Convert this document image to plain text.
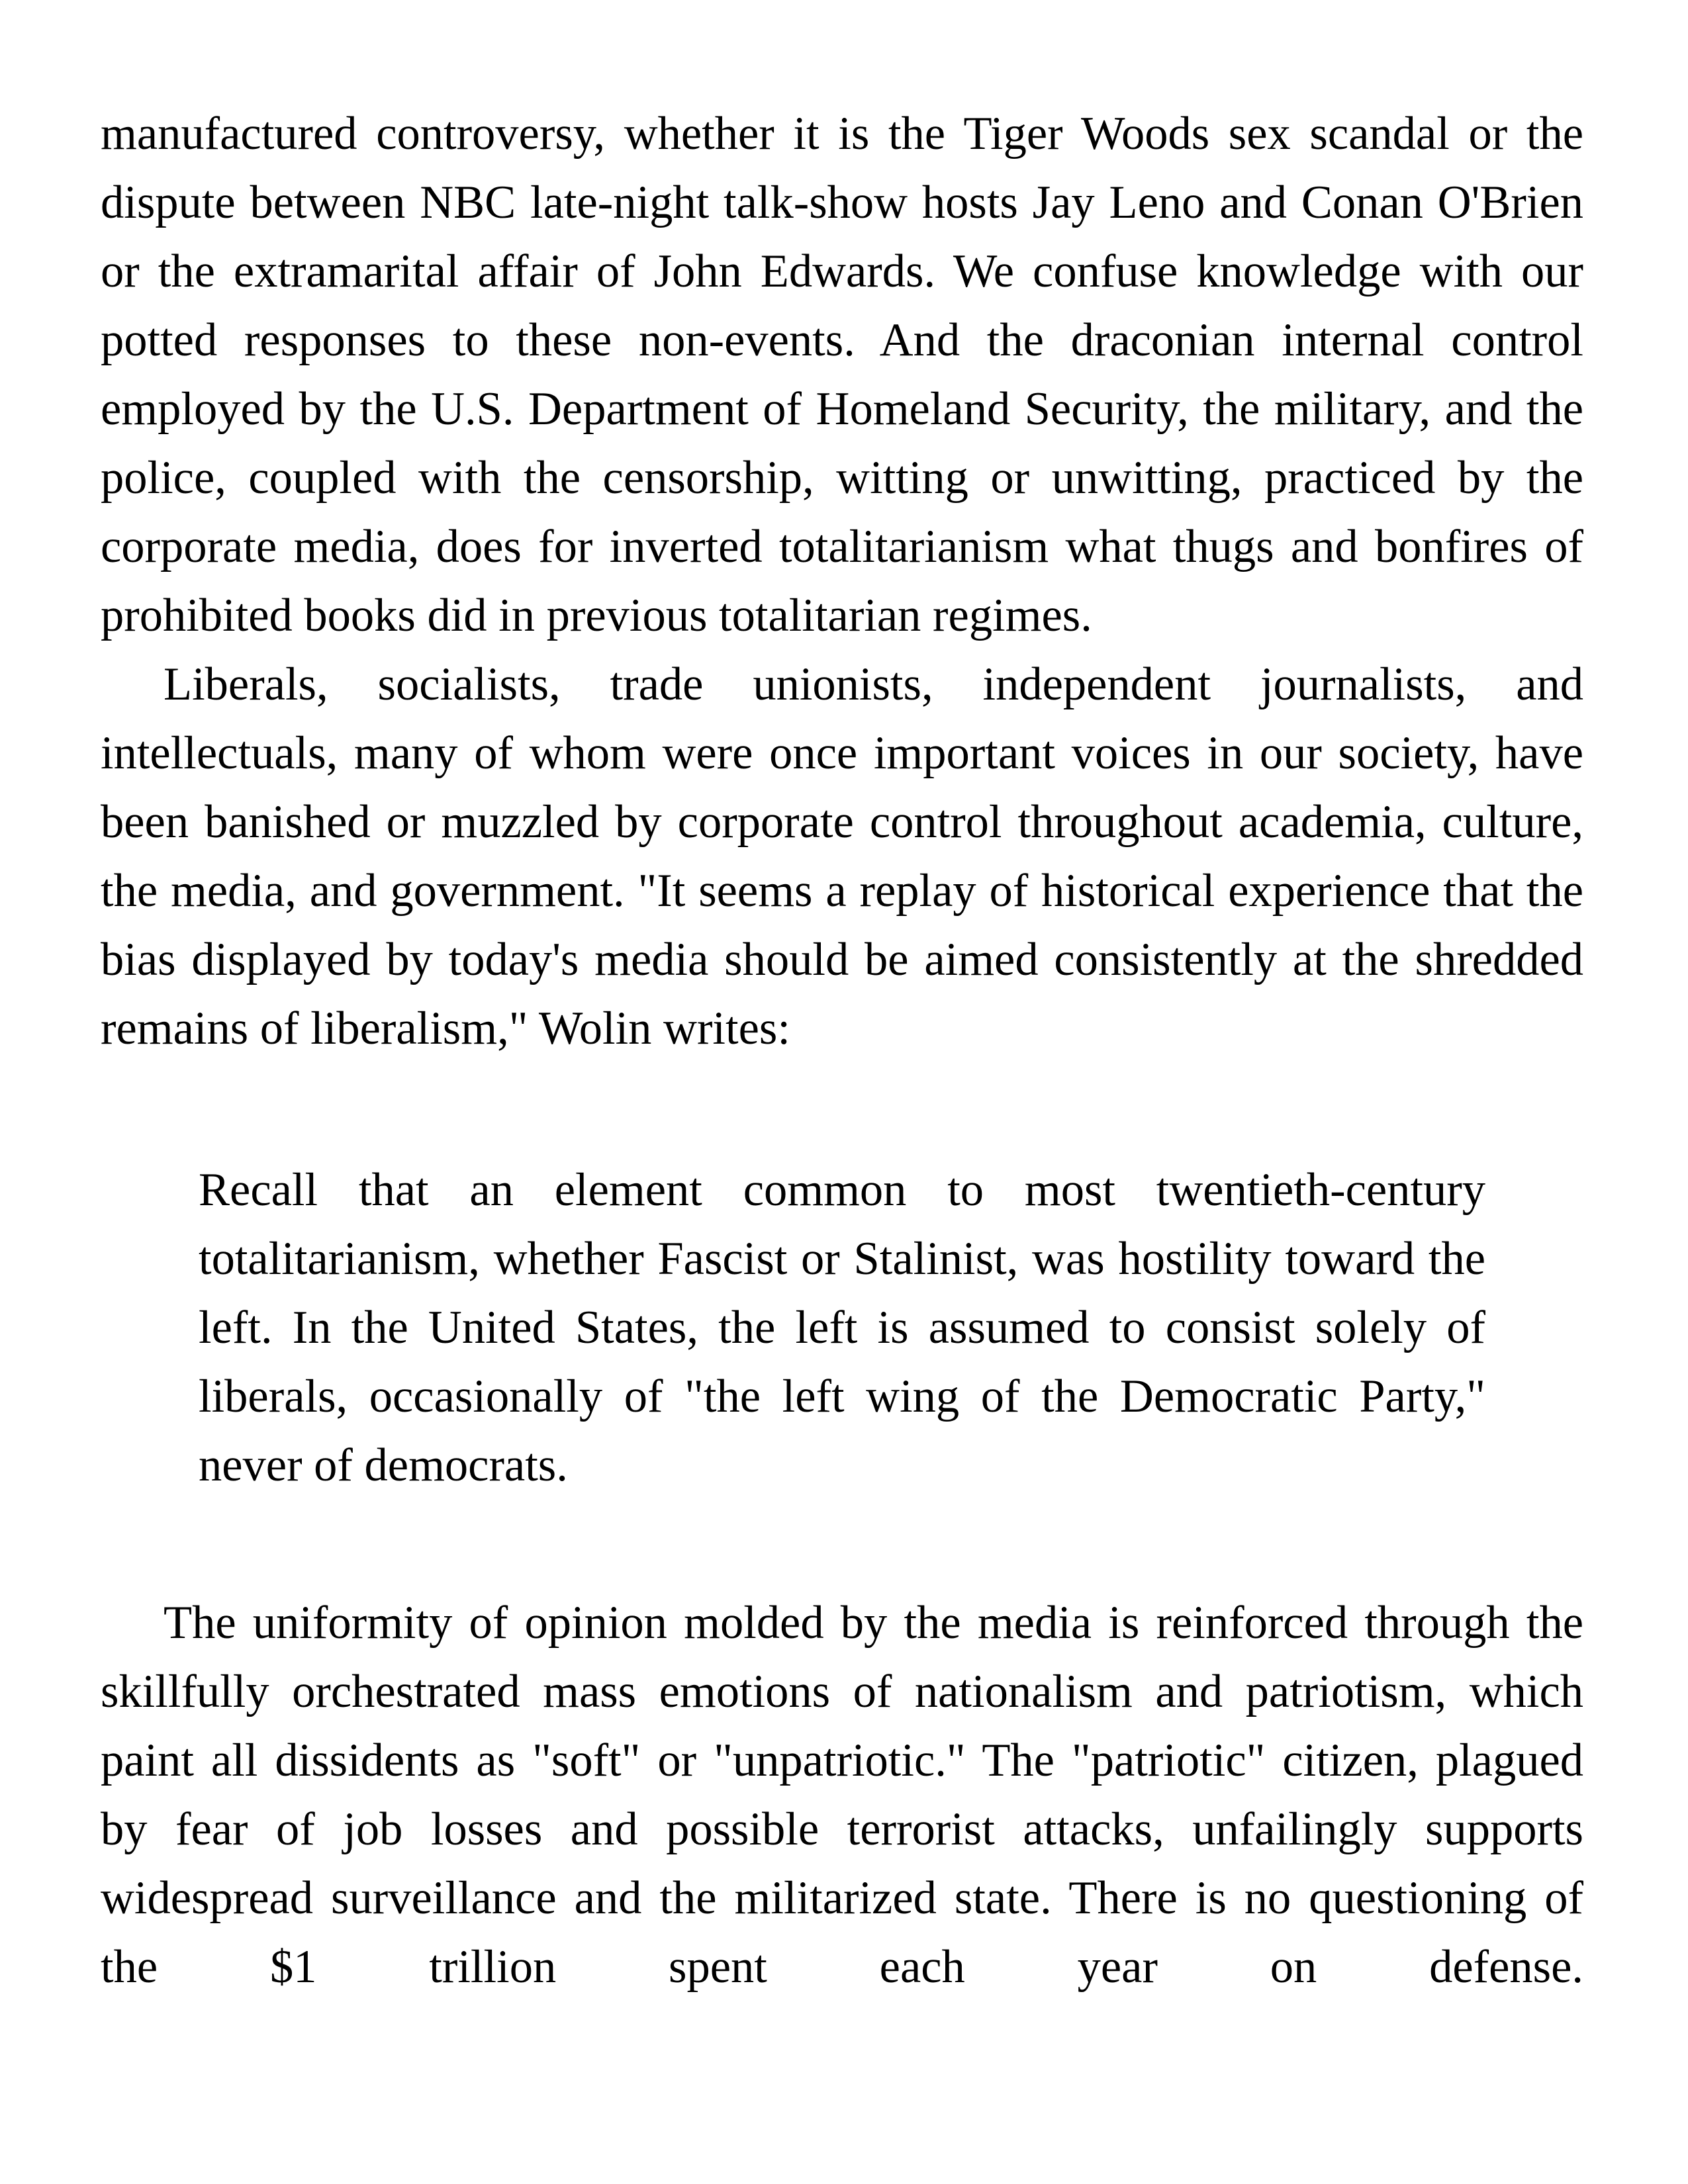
manufactured controversy, whether it is the Tiger Woods sex scandal or the dispute between NBC late-night talk-show hosts Jay Leno and Conan O'Brien or the extramarital affair of John Edwards. We confuse knowledge with our potted responses to these non-events. And the draconian internal control employed by the U.S. Department of Homeland Security, the military, and the police, coupled with the censorship, witting or unwitting, practiced by the corporate media, does for inverted totalitarianism what thugs and bonfires of prohibited books did in previous totalitarian regimes.

Liberals, socialists, trade unionists, independent journalists, and intellectuals, many of whom were once important voices in our society, have been banished or muzzled by corporate control throughout academia, culture, the media, and government. "It seems a replay of historical experience that the bias displayed by today's media should be aimed consistently at the shredded remains of liberalism," Wolin writes:

Recall that an element common to most twentieth-century totalitarianism, whether Fascist or Stalinist, was hostility toward the left. In the United States, the left is assumed to consist solely of liberals, occasionally of "the left wing of the Democratic Party," never of democrats.

The uniformity of opinion molded by the media is reinforced through the skillfully orchestrated mass emotions of nationalism and patriotism, which paint all dissidents as "soft" or "unpatriotic." The "patriotic" citizen, plagued by fear of job losses and possible terrorist attacks, unfailingly supports widespread surveillance and the militarized state. There is no questioning of the $1 trillion spent each year on defense.
